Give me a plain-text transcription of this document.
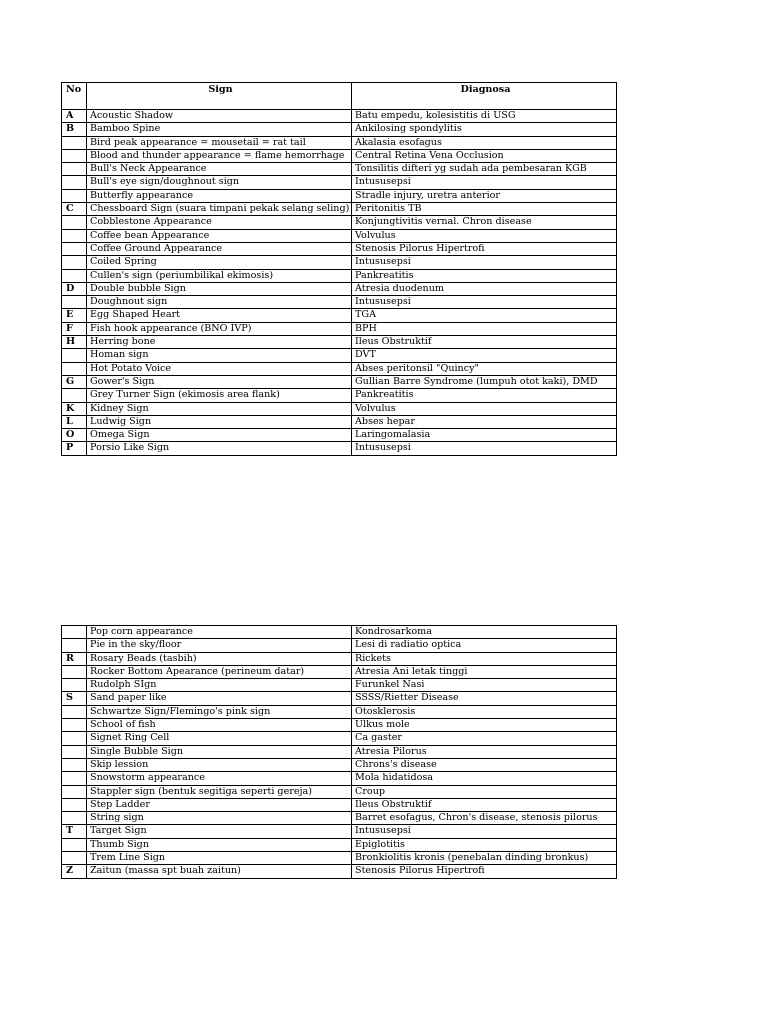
No	Sign	Diagnosa
A	Acoustic Shadow	Batu empedu, kolesistitis di USG
B	Bamboo Spine	Ankilosing spondylitis
	Bird peak appearance = mousetail = rat tail	Akalasia esofagus
	Blood and thunder appearance = flame hemorrhage	Central Retina Vena Occlusion
	Bull's Neck Appearance	Tonsilitis difteri yg sudah ada pembesaran KGB
	Bull's eye sign/doughnout sign	Intususepsi
	Butterfly appearance	Stradle injury, uretra anterior
C	Chessboard Sign (suara timpani pekak selang seling)	Peritonitis TB
	Cobblestone Appearance	Konjungtivitis vernal. Chron disease
	Coffee bean Appearance	Volvulus
	Coffee Ground Appearance	Stenosis Pilorus Hipertrofi
	Coiled Spring	Intususepsi
	Cullen's sign (periumbilikal ekimosis)	Pankreatitis
D	Double bubble Sign	Atresia duodenum
	Doughnout sign	Intususepsi
E	Egg Shaped Heart	TGA
F	Fish hook appearance (BNO IVP)	BPH
H	Herring bone	Ileus Obstruktif
	Homan sign	DVT
	Hot Potato Voice	Abses peritonsil "Quincy"
G	Gower's Sign	Gullian Barre Syndrome (lumpuh otot kaki), DMD
	Grey Turner Sign (ekimosis area flank)	Pankreatitis
K	Kidney Sign	Volvulus
L	Ludwig Sign	Abses hepar
O	Omega Sign	Laringomalasia
P	Porsio Like Sign	Intususepsi
	Pop corn appearance	Kondrosarkoma
	Pie in the sky/floor	Lesi di radiatio optica
R	Rosary Beads (tasbih)	Rickets
	Rocker Bottom Apearance (perineum datar)	Atresia Ani letak tinggi
	Rudolph SIgn	Furunkel Nasi
S	Sand paper like	SSSS/Rietter Disease
	Schwartze Sign/Flemingo's pink sign	Otosklerosis
	School of fish	Ulkus mole
	Signet Ring Cell	Ca gaster
	Single Bubble Sign	Atresia Pilorus
	Skip lession	Chrons's disease
	Snowstorm appearance	Mola hidatidosa
	Stappler sign (bentuk segitiga seperti gereja)	Croup
	Step Ladder	Ileus Obstruktif
	String sign	Barret esofagus, Chron's disease, stenosis pilorus
T	Target Sign	Intususepsi
	Thumb Sign	Epiglotitis
	Trem Line Sign	Bronkiolitis kronis (penebalan dinding bronkus)
Z	Zaitun (massa spt buah zaitun)	Stenosis Pilorus Hipertrofi
